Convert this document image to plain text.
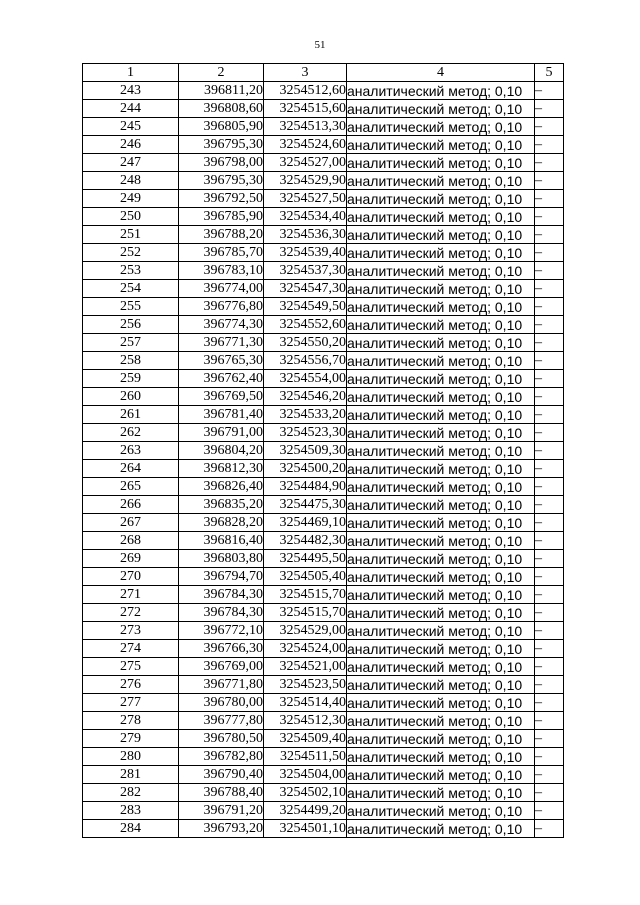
51
1	2	3	4	5
243	396811,20	3254512,60	аналитический метод; 0,10	–
244	396808,60	3254515,60	аналитический метод; 0,10	–
245	396805,90	3254513,30	аналитический метод; 0,10	–
246	396795,30	3254524,60	аналитический метод; 0,10	–
247	396798,00	3254527,00	аналитический метод; 0,10	–
248	396795,30	3254529,90	аналитический метод; 0,10	–
249	396792,50	3254527,50	аналитический метод; 0,10	–
250	396785,90	3254534,40	аналитический метод; 0,10	–
251	396788,20	3254536,30	аналитический метод; 0,10	–
252	396785,70	3254539,40	аналитический метод; 0,10	–
253	396783,10	3254537,30	аналитический метод; 0,10	–
254	396774,00	3254547,30	аналитический метод; 0,10	–
255	396776,80	3254549,50	аналитический метод; 0,10	–
256	396774,30	3254552,60	аналитический метод; 0,10	–
257	396771,30	3254550,20	аналитический метод; 0,10	–
258	396765,30	3254556,70	аналитический метод; 0,10	–
259	396762,40	3254554,00	аналитический метод; 0,10	–
260	396769,50	3254546,20	аналитический метод; 0,10	–
261	396781,40	3254533,20	аналитический метод; 0,10	–
262	396791,00	3254523,30	аналитический метод; 0,10	–
263	396804,20	3254509,30	аналитический метод; 0,10	–
264	396812,30	3254500,20	аналитический метод; 0,10	–
265	396826,40	3254484,90	аналитический метод; 0,10	–
266	396835,20	3254475,30	аналитический метод; 0,10	–
267	396828,20	3254469,10	аналитический метод; 0,10	–
268	396816,40	3254482,30	аналитический метод; 0,10	–
269	396803,80	3254495,50	аналитический метод; 0,10	–
270	396794,70	3254505,40	аналитический метод; 0,10	–
271	396784,30	3254515,70	аналитический метод; 0,10	–
272	396784,30	3254515,70	аналитический метод; 0,10	–
273	396772,10	3254529,00	аналитический метод; 0,10	–
274	396766,30	3254524,00	аналитический метод; 0,10	–
275	396769,00	3254521,00	аналитический метод; 0,10	–
276	396771,80	3254523,50	аналитический метод; 0,10	–
277	396780,00	3254514,40	аналитический метод; 0,10	–
278	396777,80	3254512,30	аналитический метод; 0,10	–
279	396780,50	3254509,40	аналитический метод; 0,10	–
280	396782,80	3254511,50	аналитический метод; 0,10	–
281	396790,40	3254504,00	аналитический метод; 0,10	–
282	396788,40	3254502,10	аналитический метод; 0,10	–
283	396791,20	3254499,20	аналитический метод; 0,10	–
284	396793,20	3254501,10	аналитический метод; 0,10	–
